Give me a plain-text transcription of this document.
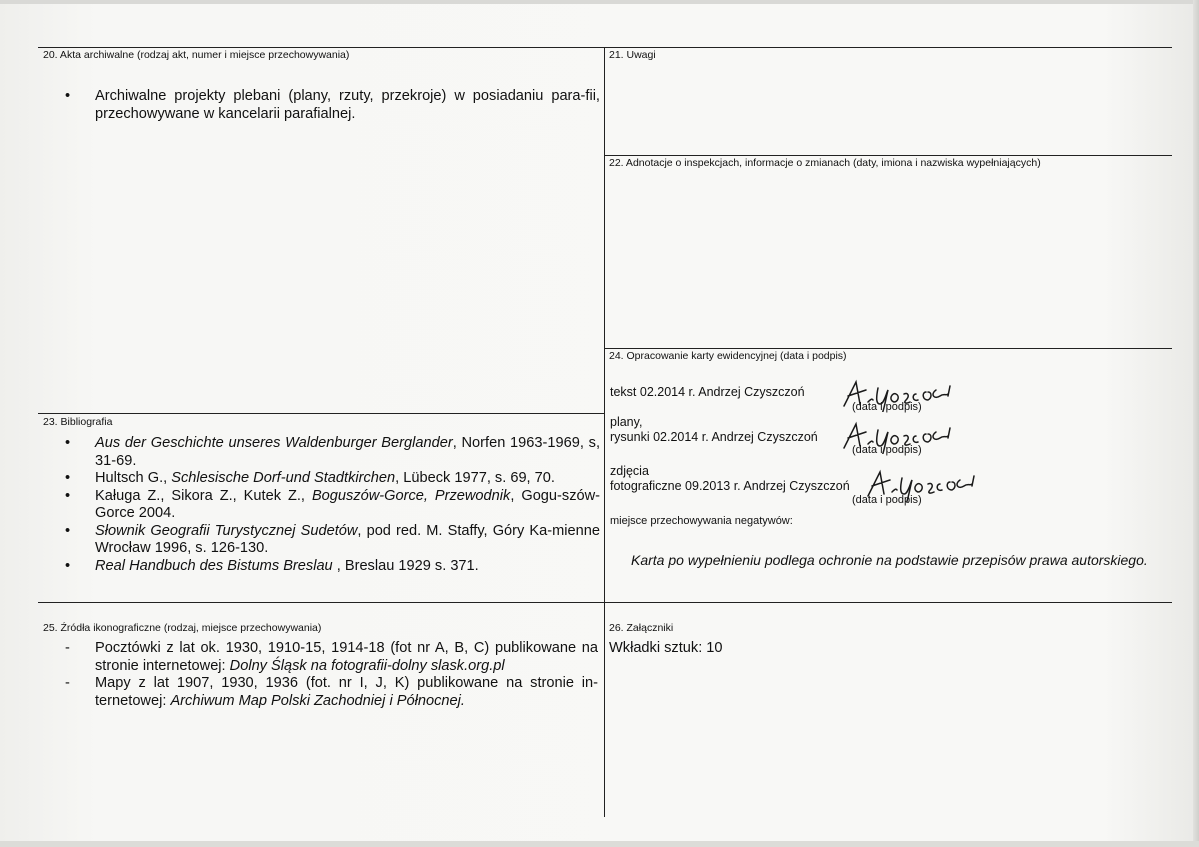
20. Akta archiwalne (rodzaj akt, numer i miejsce przechowywania)
• Archiwalne projekty plebani (plany, rzuty, przekroje) w posiadaniu para-fii, przechowywane w kancelarii parafialnej.
21. Uwagi
22. Adnotacje o inspekcjach, informacje o zmianach (daty, imiona i nazwiska wypełniających)
24. Opracowanie karty ewidencyjnej (data i podpis)
tekst 02.2014 r. Andrzej Czyszczoń
(data i podpis)
plany,
rysunki 02.2014 r. Andrzej Czyszczoń
(data i podpis)
zdjęcia
fotograficzne 09.2013 r. Andrzej Czyszczoń
(data i podpis)
miejsce przechowywania negatywów:
Karta po wypełnieniu podlega ochronie na podstawie przepisów prawa autorskiego.
23. Bibliografia
• Aus der Geschichte unseres Waldenburger Berglander, Norfen 1963-1969, s, 31-69.
• Hultsch G., Schlesische Dorf-und Stadtkirchen, Lübeck 1977, s. 69, 70.
• Kaługa Z., Sikora Z., Kutek Z., Boguszów-Gorce, Przewodnik, Gogu-szów-Gorce 2004.
• Słownik Geografii Turystycznej Sudetów, pod red. M. Staffy, Góry Ka-mienne Wrocław 1996, s. 126-130.
• Real Handbuch des Bistums Breslau , Breslau 1929 s. 371.
25. Źródła ikonograficzne (rodzaj, miejsce przechowywania)
- Pocztówki z lat ok. 1930, 1910-15, 1914-18 (fot nr A, B, C) publikowane na stronie internetowej: Dolny Śląsk na fotografii-dolny slask.org.pl
- Mapy z lat 1907, 1930, 1936 (fot. nr I, J, K) publikowane na stronie in-ternetowej: Archiwum Map Polski Zachodniej i Północnej.
26. Załączniki
Wkładki sztuk: 10
